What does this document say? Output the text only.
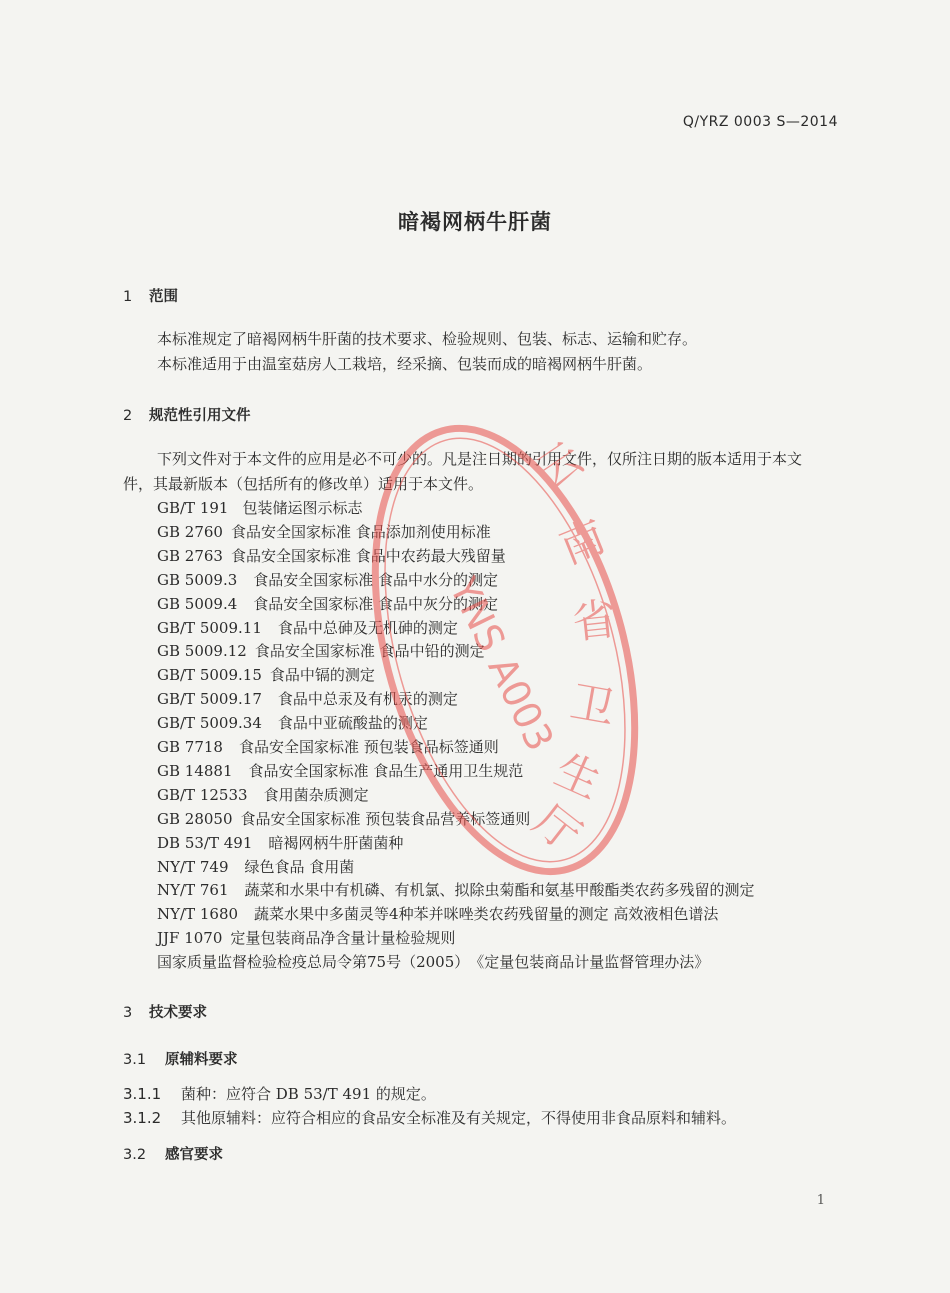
Q/YRZ 0003 S—2014
暗褐网柄牛肝菌
1 范围
本标准规定了暗褐网柄牛肝菌的技术要求、检验规则、包装、标志、运输和贮存。
本标准适用于由温室菇房人工栽培，经采摘、包装而成的暗褐网柄牛肝菌。
2 规范性引用文件
下列文件对于本文件的应用是必不可少的。凡是注日期的引用文件，仅所注日期的版本适用于本文
件，其最新版本（包括所有的修改单）适用于本文件。
GB/T 191 包装储运图示标志
GB 2760 食品安全国家标准 食品添加剂使用标准
GB 2763 食品安全国家标准 食品中农药最大残留量
GB 5009.3 食品安全国家标准 食品中水分的测定
GB 5009.4 食品安全国家标准 食品中灰分的测定
GB/T 5009.11 食品中总砷及无机砷的测定
GB 5009.12 食品安全国家标准 食品中铅的测定
GB/T 5009.15 食品中镉的测定
GB/T 5009.17 食品中总汞及有机汞的测定
GB/T 5009.34 食品中亚硫酸盐的测定
GB 7718 食品安全国家标准 预包装食品标签通则
GB 14881 食品安全国家标准 食品生产通用卫生规范
GB/T 12533 食用菌杂质测定
GB 28050 食品安全国家标准 预包装食品营养标签通则
DB 53/T 491 暗褐网柄牛肝菌菌种
NY/T 749 绿色食品 食用菌
NY/T 761 蔬菜和水果中有机磷、有机氯、拟除虫菊酯和氨基甲酸酯类农药多残留的测定
NY/T 1680 蔬菜水果中多菌灵等4种苯并咪唑类农药残留量的测定 高效液相色谱法
JJF 1070 定量包装商品净含量计量检验规则
国家质量监督检验检疫总局令第75号（2005）《定量包装商品计量监督管理办法》
3 技术要求
3.1 原辅料要求
3.1.1 菌种：应符合 DB 53/T 491 的规定。
3.1.2 其他原辅料：应符合相应的食品安全标准及有关规定，不得使用非食品原料和辅料。
3.2 感官要求
1
云
南
省
卫
生
厅
YNS A003
